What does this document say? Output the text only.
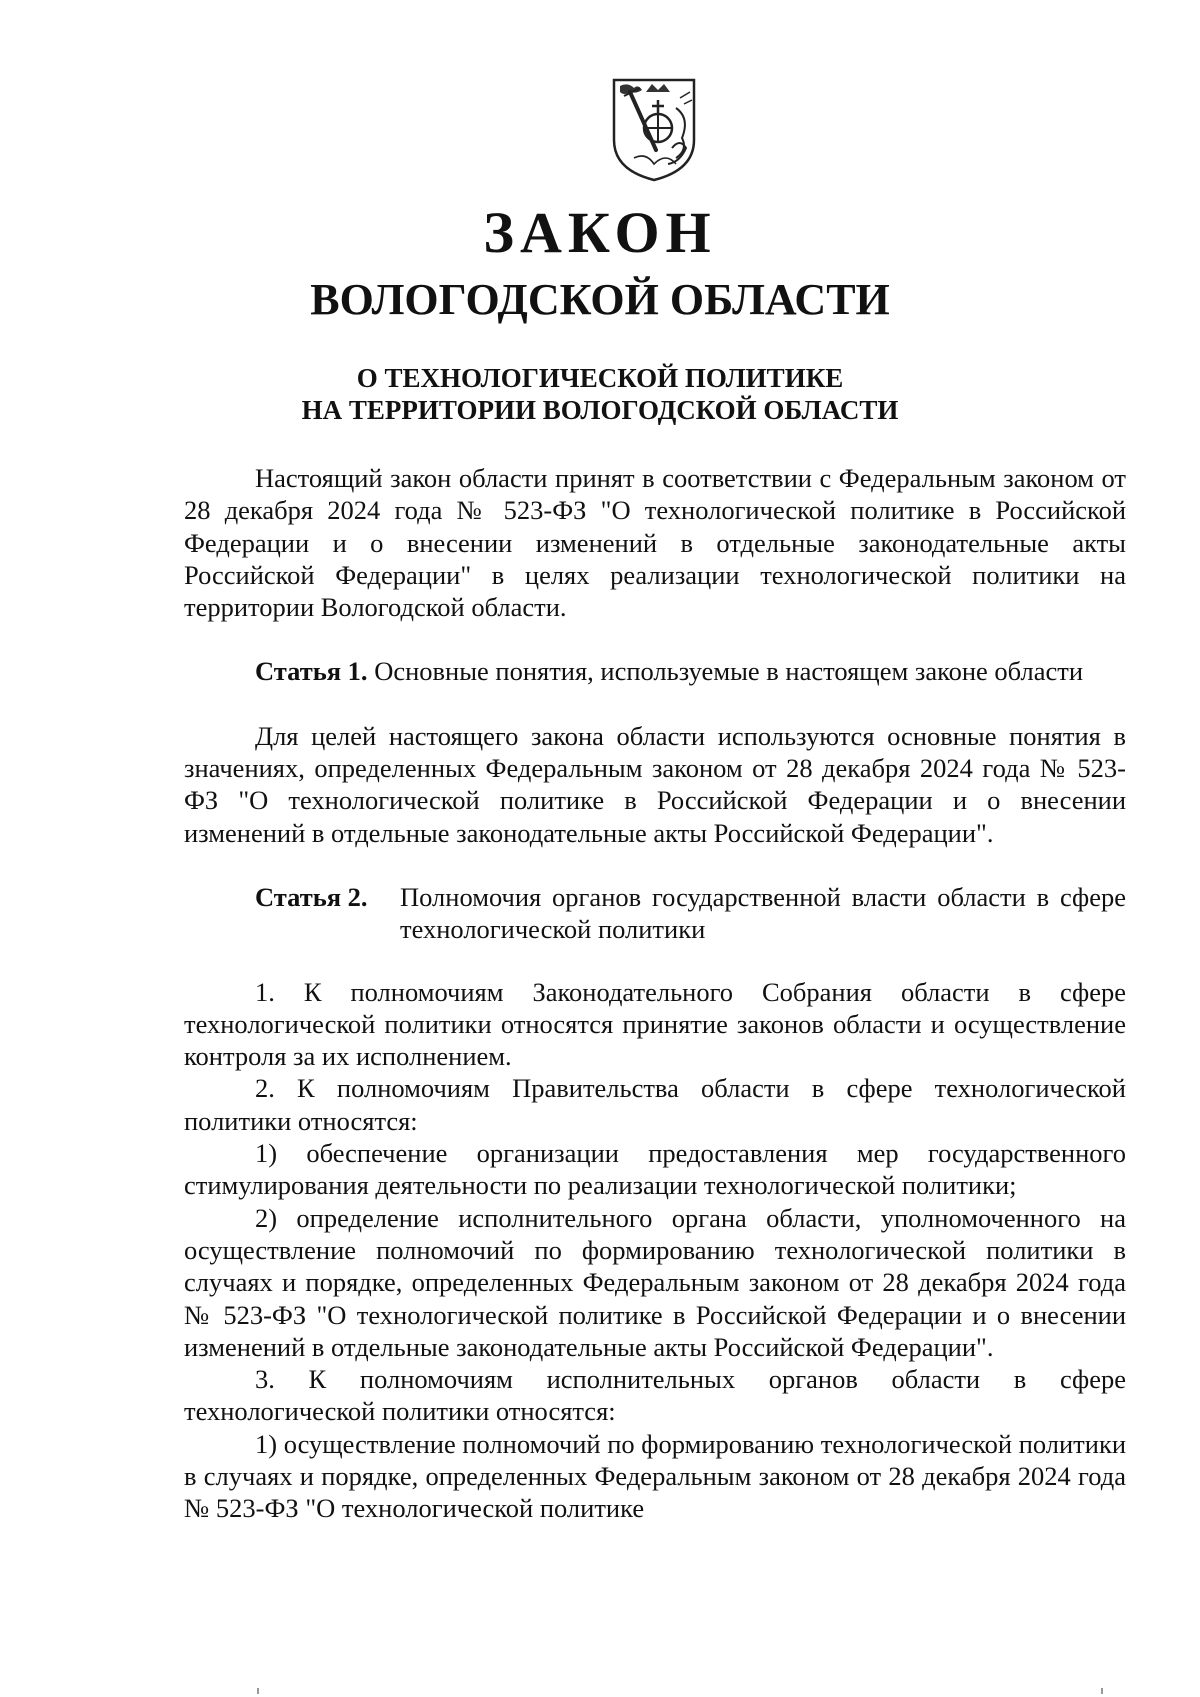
ЗАКОН
ВОЛОГОДСКОЙ ОБЛАСТИ
О ТЕХНОЛОГИЧЕСКОЙ ПОЛИТИКЕ
НА ТЕРРИТОРИИ ВОЛОГОДСКОЙ ОБЛАСТИ

Настоящий закон области принят в соответствии с Федеральным законом от 28 декабря 2024 года № 523-ФЗ "О технологической политике в Российской Федерации и о внесении изменений в отдельные законодательные акты Российской Федерации" в целях реализации технологической политики на территории Вологодской области.

Статья 1. Основные понятия, используемые в настоящем законе области

Для целей настоящего закона области используются основные понятия в значениях, определенных Федеральным законом от 28 декабря 2024 года № 523-ФЗ "О технологической политике в Российской Федерации и о внесении изменений в отдельные законодательные акты Российской Федерации".

Статья 2.	Полномочия органов государственной власти области в сфере технологической политики

1. К полномочиям Законодательного Собрания области в сфере технологической политики относятся принятие законов области и осуществление контроля за их исполнением.

2. К полномочиям Правительства области в сфере технологической политики относятся:

1) обеспечение организации предоставления мер государственного стимулирования деятельности по реализации технологической политики;

2) определение исполнительного органа области, уполномоченного на осуществление полномочий по формированию технологической политики в случаях и порядке, определенных Федеральным законом от 28 декабря 2024 года № 523-ФЗ "О технологической политике в Российской Федерации и о внесении изменений в отдельные законодательные акты Российской Федерации".

3. К полномочиям исполнительных органов области в сфере технологической политики относятся:

1) осуществление полномочий по формированию технологической политики в случаях и порядке, определенных Федеральным законом от 28 декабря 2024 года № 523-ФЗ "О технологической политике
